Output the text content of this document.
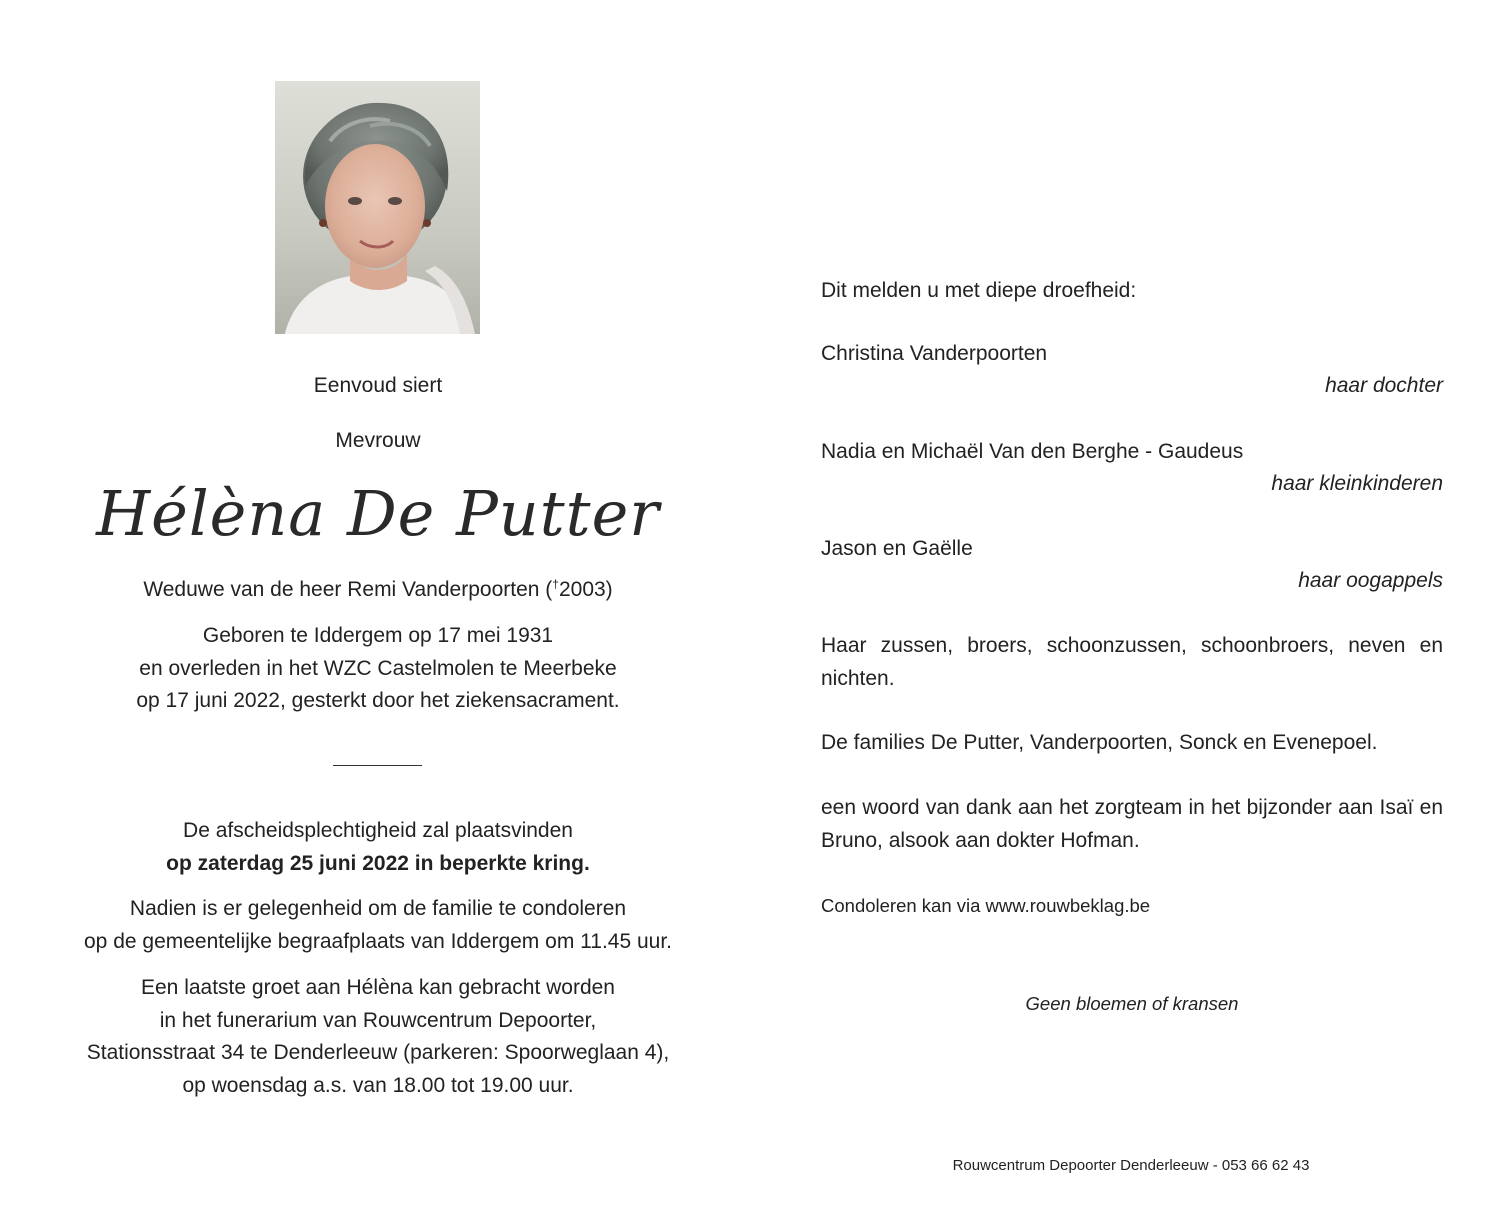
Eenvoud siert
Mevrouw
Hélèna De Putter
Weduwe van de heer Remi Vanderpoorten (†2003)
Geboren te Iddergem op 17 mei 1931
en overleden in het WZC Castelmolen te Meerbeke
op 17 juni 2022, gesterkt door het ziekensacrament.
De afscheidsplechtigheid zal plaatsvinden
op zaterdag 25 juni 2022 in beperkte kring.
Nadien is er gelegenheid om de familie te condoleren
op de gemeentelijke begraafplaats van Iddergem om 11.45 uur.
Een laatste groet aan Hélèna kan gebracht worden
in het funerarium van Rouwcentrum Depoorter,
Stationsstraat 34 te Denderleeuw (parkeren: Spoorweglaan 4),
op woensdag a.s. van 18.00 tot 19.00 uur.
Dit melden u met diepe droefheid:
Christina Vanderpoorten
haar dochter
Nadia en Michaël Van den Berghe - Gaudeus
haar kleinkinderen
Jason en Gaëlle
haar oogappels
Haar zussen, broers, schoonzussen, schoonbroers, neven en nichten.
De families De Putter, Vanderpoorten, Sonck en Evenepoel.
een woord van dank aan het zorgteam in het bijzonder aan Isaï en Bruno, alsook aan dokter Hofman.
Condoleren kan via www.rouwbeklag.be
Geen bloemen of kransen
Rouwcentrum Depoorter Denderleeuw - 053 66 62 43
